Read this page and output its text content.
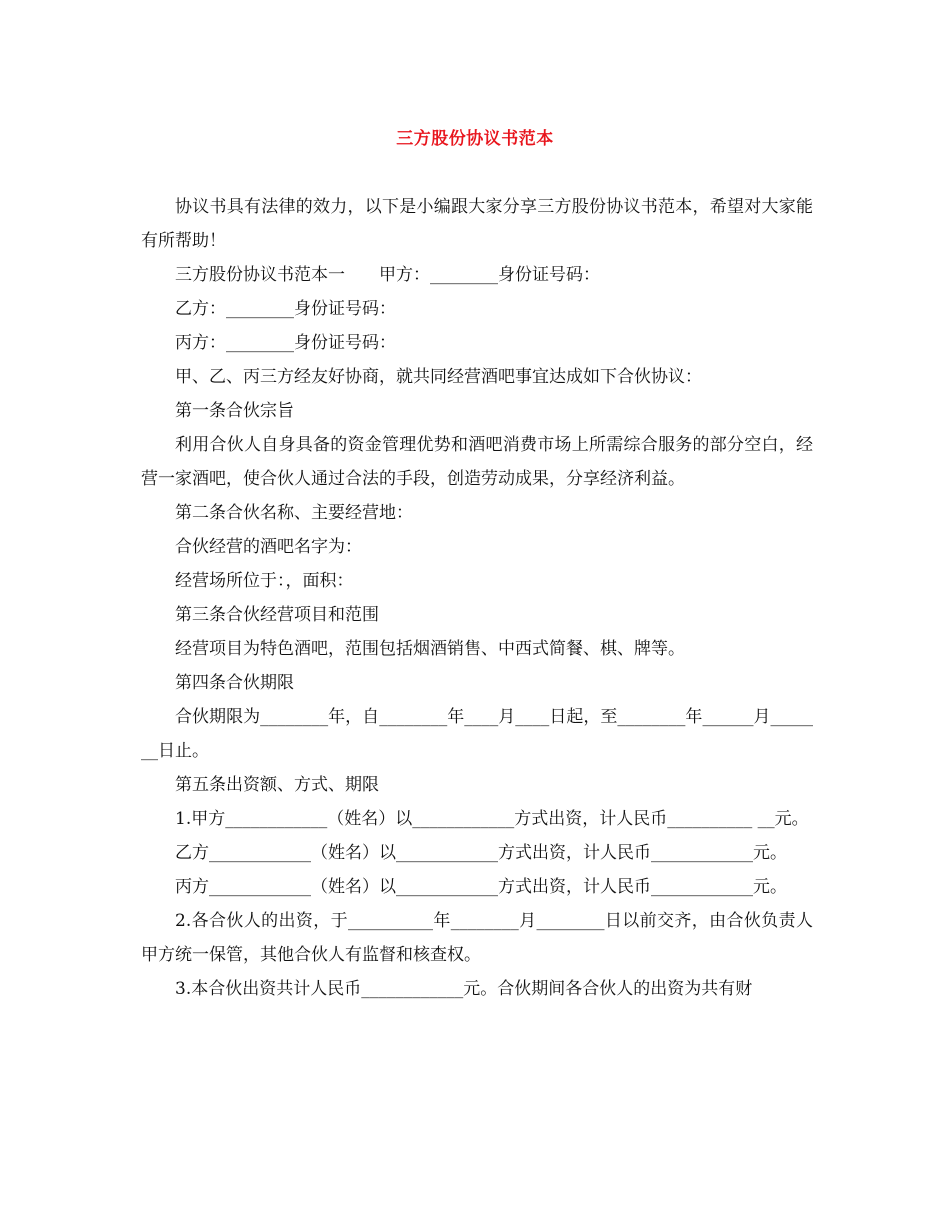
三方股份协议书范本

协议书具有法律的效力，以下是小编跟大家分享三方股份协议书范本，希望对大家能有所帮助！

三方股份协议书范本一　　甲方：________身份证号码：

乙方：________身份证号码：

丙方：________身份证号码：

甲、乙、丙三方经友好协商，就共同经营酒吧事宜达成如下合伙协议：

第一条合伙宗旨

利用合伙人自身具备的资金管理优势和酒吧消费市场上所需综合服务的部分空白，经营一家酒吧，使合伙人通过合法的手段，创造劳动成果，分享经济利益。

第二条合伙名称、主要经营地：

合伙经营的酒吧名字为：

经营场所位于：，面积：

第三条合伙经营项目和范围

经营项目为特色酒吧，范围包括烟酒销售、中西式简餐、棋、牌等。

第四条合伙期限

合伙期限为________年，自________年____月____日起，至________年______月_______日止。

第五条出资额、方式、期限

1.甲方____________（姓名）以____________方式出资，计人民币__________ __元。

乙方____________（姓名）以____________方式出资，计人民币____________元。

丙方____________（姓名）以____________方式出资，计人民币____________元。

2.各合伙人的出资，于__________年________月________日以前交齐，由合伙负责人甲方统一保管，其他合伙人有监督和核查权。

3.本合伙出资共计人民币____________元。合伙期间各合伙人的出资为共有财
